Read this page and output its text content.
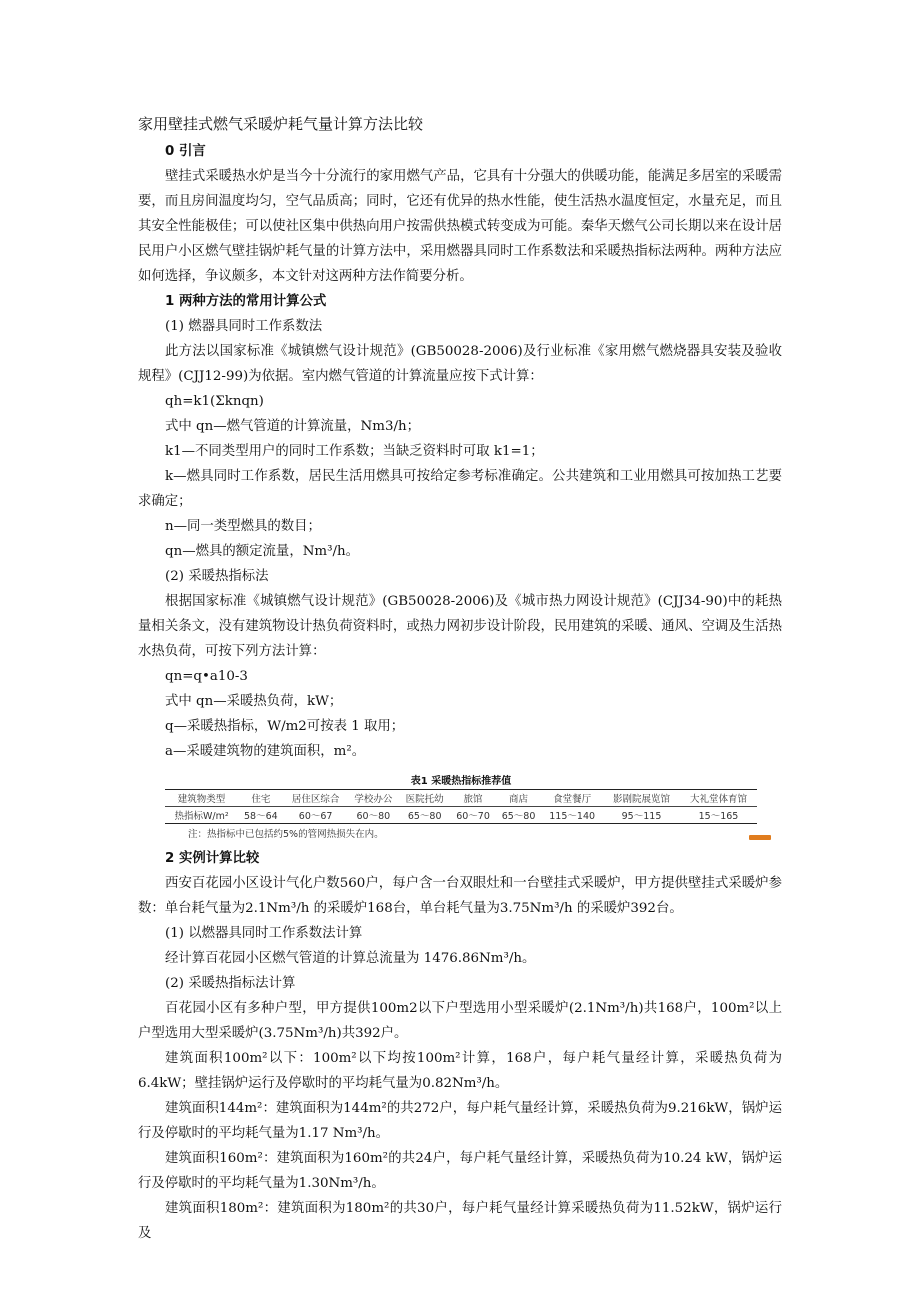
家用壁挂式燃气采暖炉耗气量计算方法比较

0 引言

壁挂式采暖热水炉是当今十分流行的家用燃气产品，它具有十分强大的供暖功能，能满足多居室的采暖需要，而且房间温度均匀，空气品质高；同时，它还有优异的热水性能，使生活热水温度恒定，水量充足，而且其安全性能极佳；可以使社区集中供热向用户按需供热模式转变成为可能。秦华天燃气公司长期以来在设计居民用户小区燃气壁挂锅炉耗气量的计算方法中，采用燃器具同时工作系数法和采暖热指标法两种。两种方法应如何选择，争议颇多，本文针对这两种方法作简要分析。

1 两种方法的常用计算公式

(1) 燃器具同时工作系数法

此方法以国家标准《城镇燃气设计规范》(GB50028-2006)及行业标准《家用燃气燃烧器具安装及验收规程》(CJJ12-99)为依据。室内燃气管道的计算流量应按下式计算：

qh=k1(Σknqn)

式中 qn—燃气管道的计算流量，Nm3/h；

k1—不同类型用户的同时工作系数；当缺乏资料时可取 k1=1；

k—燃具同时工作系数，居民生活用燃具可按给定参考标准确定。公共建筑和工业用燃具可按加热工艺要求确定；

n—同一类型燃具的数目；

qn—燃具的额定流量，Nm³/h。

(2) 采暖热指标法

根据国家标准《城镇燃气设计规范》(GB50028-2006)及《城市热力网设计规范》(CJJ34-90)中的耗热量相关条文，没有建筑物设计热负荷资料时，或热力网初步设计阶段，民用建筑的采暖、通风、空调及生活热水热负荷，可按下列方法计算：

qn=q•a10-3

式中 qn—采暖热负荷，kW；

q—采暖热指标，W/m2可按表 1 取用；

a—采暖建筑物的建筑面积，m²。

表1 采暖热指标推荐值
建筑物类型	住宅	居住区综合	学校办公	医院托幼	旅馆	商店	食堂餐厅	影剧院展览馆	大礼堂体育馆
热指标W/m²	58～64	60～67	60～80	65～80	60～70	65～80	115～140	95～115	15～165
注：热指标中已包括约5%的管网热损失在内。

2 实例计算比较

西安百花园小区设计气化户数560户，每户含一台双眼灶和一台壁挂式采暖炉，甲方提供壁挂式采暖炉参数：单台耗气量为2.1Nm³/h 的采暖炉168台，单台耗气量为3.75Nm³/h 的采暖炉392台。

(1) 以燃器具同时工作系数法计算

经计算百花园小区燃气管道的计算总流量为 1476.86Nm³/h。

(2) 采暖热指标法计算

百花园小区有多种户型，甲方提供100m2以下户型选用小型采暖炉(2.1Nm³/h)共168户，100m²以上户型选用大型采暖炉(3.75Nm³/h)共392户。

建筑面积100m²以下：100m²以下均按100m²计算，168户，每户耗气量经计算，采暖热负荷为6.4kW；壁挂锅炉运行及停歇时的平均耗气量为0.82Nm³/h。

建筑面积144m²：建筑面积为144m²的共272户，每户耗气量经计算，采暖热负荷为9.216kW，锅炉运行及停歇时的平均耗气量为1.17 Nm³/h。

建筑面积160m²：建筑面积为160m²的共24户，每户耗气量经计算，采暖热负荷为10.24 kW，锅炉运行及停歇时的平均耗气量为1.30Nm³/h。

建筑面积180m²：建筑面积为180m²的共30户，每户耗气量经计算采暖热负荷为11.52kW，锅炉运行及
